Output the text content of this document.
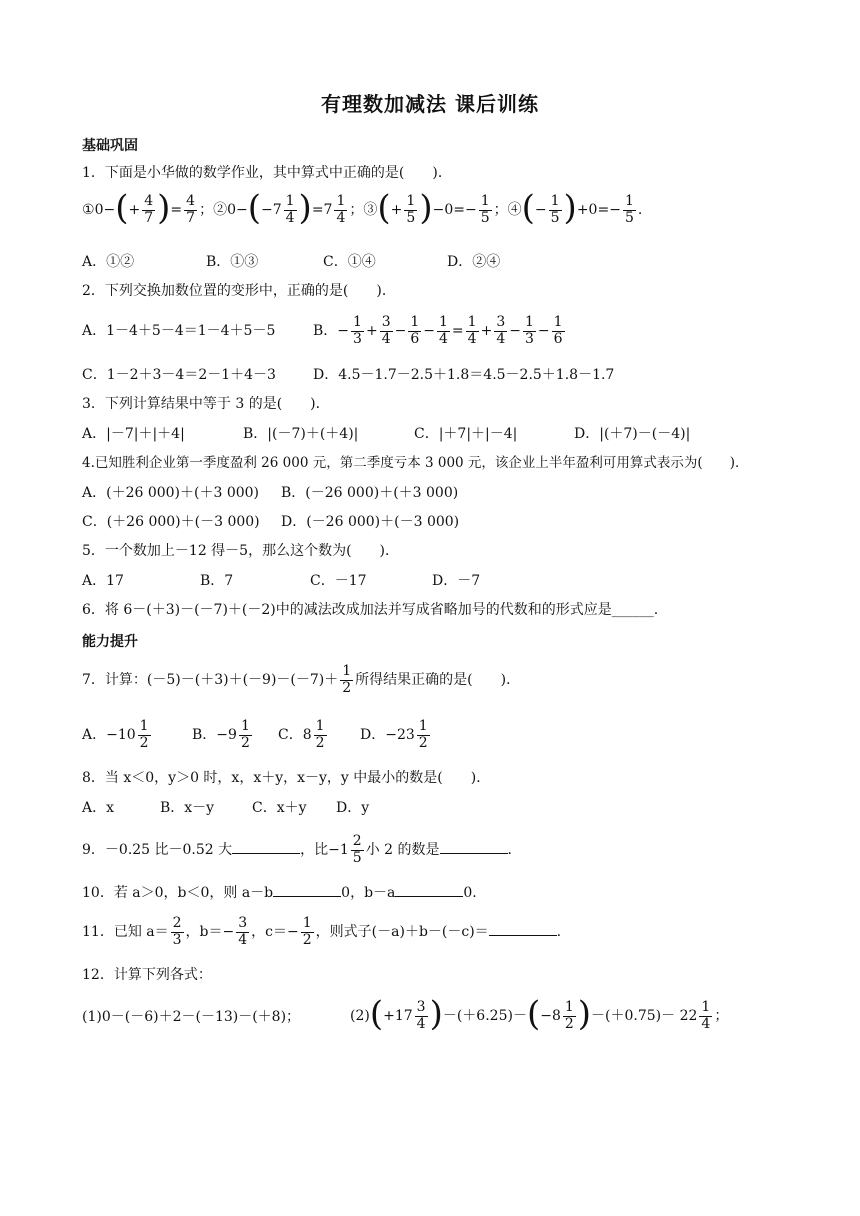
有理数加减法 课后训练
基础巩固
1．下面是小华做的数学作业，其中算式中正确的是(　　)．
①0−(+ $\frac{4}{7}$ )= $\frac{4}{7}$ ；②0−(−7 $\frac{1}{4} )=7 \frac{1}{4}$ ；③(+ $\frac{1}{5} )-0=- \frac{1}{5}$ ；④(− $\frac{1}{5} )+0=- \frac{1}{5}$ .
A．①②	B．①③	C．①④	D．②④
2．下列交换加数位置的变形中，正确的是(　　)．
A．1－4＋5－4＝1－4＋5－5	B．− $\frac{1}{3} + \frac{3}{4} - \frac{1}{6} - \frac{1}{4} = \frac{1}{4} + \frac{3}{4} - \frac{1}{3} - \frac{1}{6}$
C．1－2＋3－4＝2－1＋4－3	D．4.5－1.7－2.5＋1.8＝4.5－2.5＋1.8－1.7
3．下列计算结果中等于 3 的是(　　)．
A．|－7|＋|＋4|	B．|(－7)＋(＋4)|	C．|＋7|＋|－4|	D．|(＋7)－(－4)|
4.已知胜利企业第一季度盈利 26 000 元，第二季度亏本 3 000 元，该企业上半年盈利可用算式表示为(　　)．
A．(＋26 000)＋(＋3 000) B．(－26 000)＋(＋3 000)
C．(＋26 000)＋(－3 000) D．(－26 000)＋(－3 000)
5．一个数加上－12 得－5，那么这个数为(　　)．
A．17	B．7	C．－17	D．－7
6．将 6－(＋3)－(－7)＋(－2)中的减法改成加法并写成省略加号的代数和的形式应是______.
能力提升
7．计算：$(-5)-(+3)+(-9)-(-7)+ \frac{1}{2}$ 所得结果正确的是(　　)．
A．$-10 \frac{1}{2}$	B．$-9 \frac{1}{2}$ C．$8 \frac{1}{2}$ D．$-23 \frac{1}{2}$
8．当 x＜0，y＞0 时，x，x＋y，x－y，y 中最小的数是(　　)．
A．x	B．x－y	C．x＋y D．y
9．－0.25 比－0.52 大	，比$-1 \frac{2}{5}$ 小 2 的数是	．
10．若 a＞0，b＜0，则 a－b	0，b－a	0.
11．已知 $a= \frac{2}{3}$ ，$b=- \frac{3}{4}$ ，$c=- \frac{1}{2}$ ，则式子(－a)＋b－(－c)＝	.
12．计算下列各式：
(1)0－(－6)＋2－(－13)－(＋8)；	$(2)(+17 \frac{3}{4} )-(+6.25)-(-8 \frac{1}{2} )-(+0.75)- 22 \frac{1}{4}$ ；
